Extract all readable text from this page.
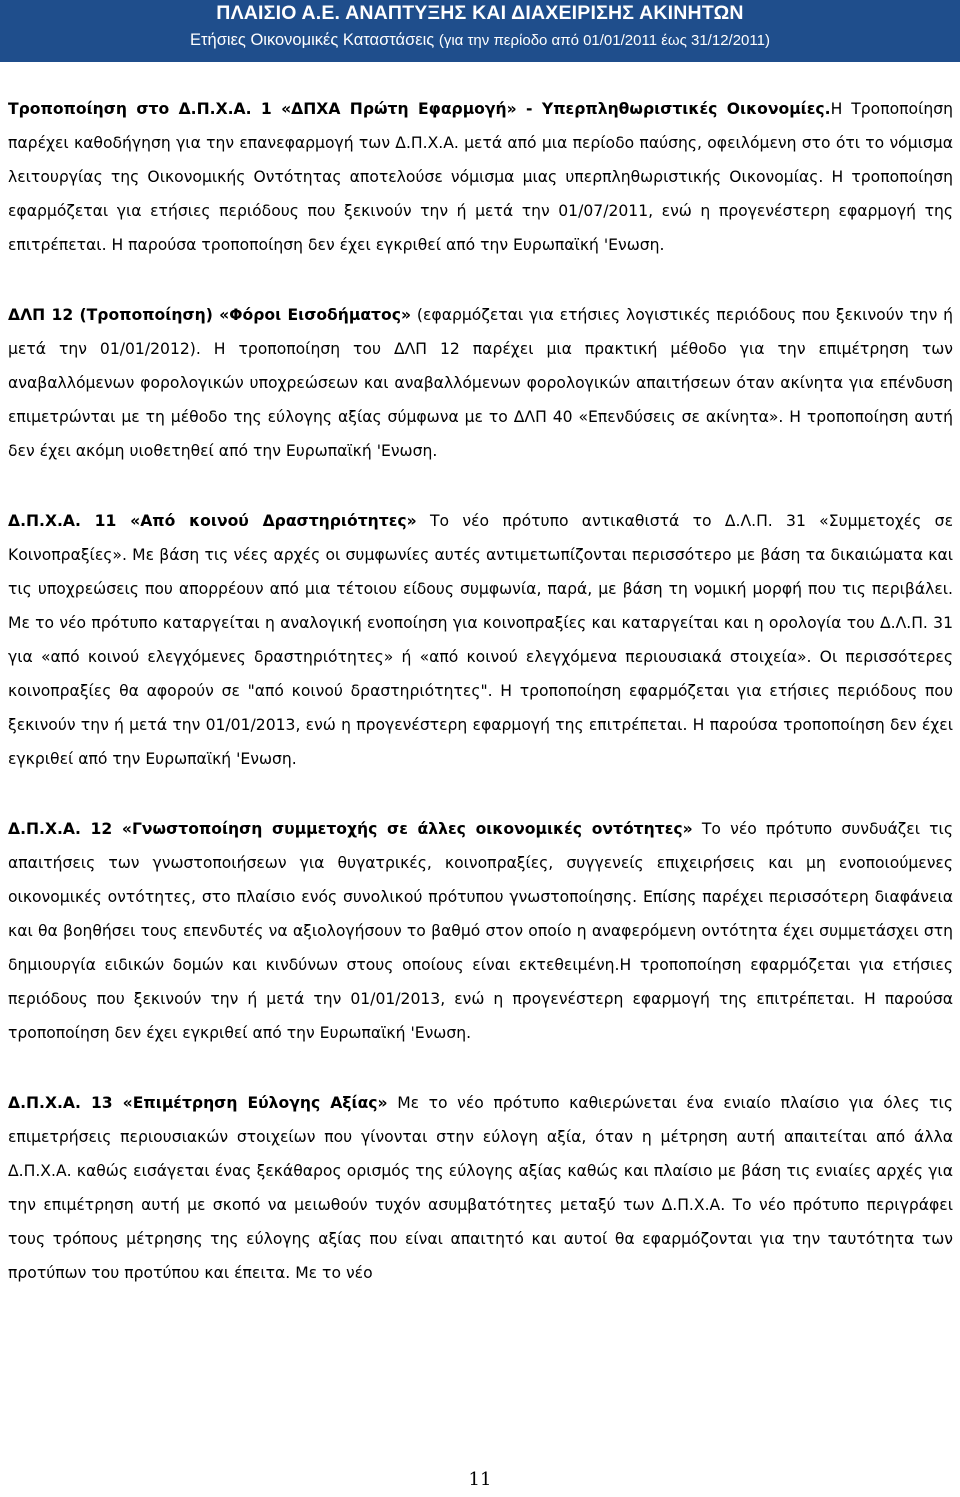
ΠΛΑΙΣΙΟ Α.Ε. ΑΝΑΠΤΥΞΗΣ ΚΑΙ ΔΙΑΧΕΙΡΙΣΗΣ ΑΚΙΝΗΤΩΝ
Ετήσιες Οικονομικές Καταστάσεις (για την περίοδο από 01/01/2011 έως 31/12/2011)

Τροποποίηση στο Δ.Π.Χ.Α. 1 «ΔΠΧΑ Πρώτη Εφαρμογή» - Υπερπληθωριστικές Οικονομίες.Η Τροποποίηση παρέχει καθοδήγηση για την επανεφαρμογή των Δ.Π.Χ.Α. μετά από μια περίοδο παύσης, οφειλόμενη στο ότι το νόμισμα λειτουργίας της Οικονομικής Οντότητας αποτελούσε νόμισμα μιας υπερπληθωριστικής Οικονομίας. Η τροποποίηση εφαρμόζεται για ετήσιες περιόδους που ξεκινούν την ή μετά την 01/07/2011, ενώ η προγενέστερη εφαρμογή της επιτρέπεται. Η παρούσα τροποποίηση δεν έχει εγκριθεί από την Ευρωπαϊκή 'Ενωση.

ΔΛΠ 12 (Τροποποίηση) «Φόροι Εισοδήματος» (εφαρμόζεται για ετήσιες λογιστικές περιόδους που ξεκινούν την ή μετά την 01/01/2012). Η τροποποίηση του ΔΛΠ 12 παρέχει μια πρακτική μέθοδο για την επιμέτρηση των αναβαλλόμενων φορολογικών υποχρεώσεων και αναβαλλόμενων φορολογικών απαιτήσεων όταν ακίνητα για επένδυση επιμετρώνται με τη μέθοδο της εύλογης αξίας σύμφωνα με το ΔΛΠ 40 «Επενδύσεις σε ακίνητα». Η τροποποίηση αυτή δεν έχει ακόμη υιοθετηθεί από την Ευρωπαϊκή 'Ενωση.

Δ.Π.Χ.Α. 11 «Από κοινού Δραστηριότητες» Το νέο πρότυπο αντικαθιστά το Δ.Λ.Π. 31 «Συμμετοχές σε Κοινοπραξίες». Με βάση τις νέες αρχές οι συμφωνίες αυτές αντιμετωπίζονται περισσότερο με βάση τα δικαιώματα και τις υποχρεώσεις που απορρέουν από μια τέτοιου είδους συμφωνία, παρά, με βάση τη νομική μορφή που τις περιβάλει. Με το νέο πρότυπο καταργείται η αναλογική ενοποίηση για κοινοπραξίες και καταργείται και η ορολογία του Δ.Λ.Π. 31 για «από κοινού ελεγχόμενες δραστηριότητες» ή «από κοινού ελεγχόμενα περιουσιακά στοιχεία». Οι περισσότερες κοινοπραξίες θα αφορούν σε "από κοινού δραστηριότητες". Η τροποποίηση εφαρμόζεται για ετήσιες περιόδους που ξεκινούν την ή μετά την 01/01/2013, ενώ η προγενέστερη εφαρμογή της επιτρέπεται. Η παρούσα τροποποίηση δεν έχει εγκριθεί από την Ευρωπαϊκή 'Ενωση.

Δ.Π.Χ.Α. 12 «Γνωστοποίηση συμμετοχής σε άλλες οικονομικές οντότητες» Το νέο πρότυπο συνδυάζει τις απαιτήσεις των γνωστοποιήσεων για θυγατρικές, κοινοπραξίες, συγγενείς επιχειρήσεις και μη ενοποιούμενες οικονομικές οντότητες, στο πλαίσιο ενός συνολικού πρότυπου γνωστοποίησης. Επίσης παρέχει περισσότερη διαφάνεια και θα βοηθήσει τους επενδυτές να αξιολογήσουν το βαθμό στον οποίο η αναφερόμενη οντότητα έχει συμμετάσχει στη δημιουργία ειδικών δομών και κινδύνων στους οποίους είναι εκτεθειμένη.Η τροποποίηση εφαρμόζεται για ετήσιες περιόδους που ξεκινούν την ή μετά την 01/01/2013, ενώ η προγενέστερη εφαρμογή της επιτρέπεται. Η παρούσα τροποποίηση δεν έχει εγκριθεί από την Ευρωπαϊκή 'Ενωση.

Δ.Π.Χ.Α. 13 «Επιμέτρηση Εύλογης Αξίας» Με το νέο πρότυπο καθιερώνεται ένα ενιαίο πλαίσιο για όλες τις επιμετρήσεις περιουσιακών στοιχείων που γίνονται στην εύλογη αξία, όταν η μέτρηση αυτή απαιτείται από άλλα Δ.Π.Χ.Α. καθώς εισάγεται ένας ξεκάθαρος ορισμός της εύλογης αξίας καθώς και πλαίσιο με βάση τις ενιαίες αρχές για την επιμέτρηση αυτή με σκοπό να μειωθούν τυχόν ασυμβατότητες μεταξύ των Δ.Π.Χ.Α. Το νέο πρότυπο περιγράφει τους τρόπους μέτρησης της εύλογης αξίας που είναι απαιτητό και αυτοί θα εφαρμόζονται για την ταυτότητα των προτύπων του προτύπου και έπειτα. Με το νέο

11
